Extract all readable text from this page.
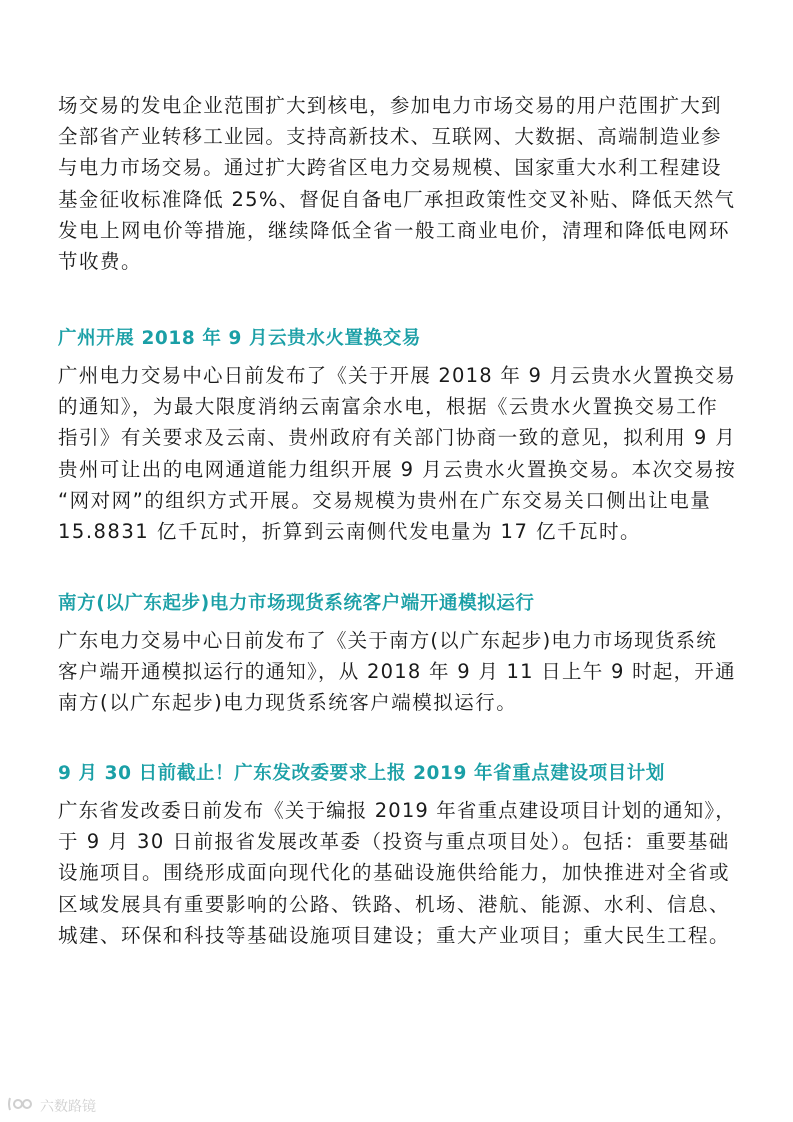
场交易的发电企业范围扩大到核电，参加电力市场交易的用户范围扩大到
全部省产业转移工业园。支持高新技术、互联网、大数据、高端制造业参
与电力市场交易。通过扩大跨省区电力交易规模、国家重大水利工程建设
基金征收标准降低 25%、督促自备电厂承担政策性交叉补贴、降低天然气
发电上网电价等措施，继续降低全省一般工商业电价，清理和降低电网环
节收费。
广州开展 2018 年 9 月云贵水火置换交易
广州电力交易中心日前发布了《关于开展 2018 年 9 月云贵水火置换交易
的通知》，为最大限度消纳云南富余水电，根据《云贵水火置换交易工作
指引》有关要求及云南、贵州政府有关部门协商一致的意见，拟利用 9 月
贵州可让出的电网通道能力组织开展 9 月云贵水火置换交易。本次交易按
“网对网”的组织方式开展。交易规模为贵州在广东交易关口侧出让电量
15.8831 亿千瓦时，折算到云南侧代发电量为 17 亿千瓦时。
南方(以广东起步)电力市场现货系统客户端开通模拟运行
广东电力交易中心日前发布了《关于南方(以广东起步)电力市场现货系统
客户端开通模拟运行的通知》，从 2018 年 9 月 11 日上午 9 时起，开通
南方(以广东起步)电力现货系统客户端模拟运行。
9 月 30 日前截止！广东发改委要求上报 2019 年省重点建设项目计划
广东省发改委日前发布《关于编报 2019 年省重点建设项目计划的通知》，
于 9 月 30 日前报省发展改革委（投资与重点项目处）。包括：重要基础
设施项目。围绕形成面向现代化的基础设施供给能力，加快推进对全省或
区域发展具有重要影响的公路、铁路、机场、港航、能源、水利、信息、
城建、环保和科技等基础设施项目建设；重大产业项目；重大民生工程。
六数路镜
